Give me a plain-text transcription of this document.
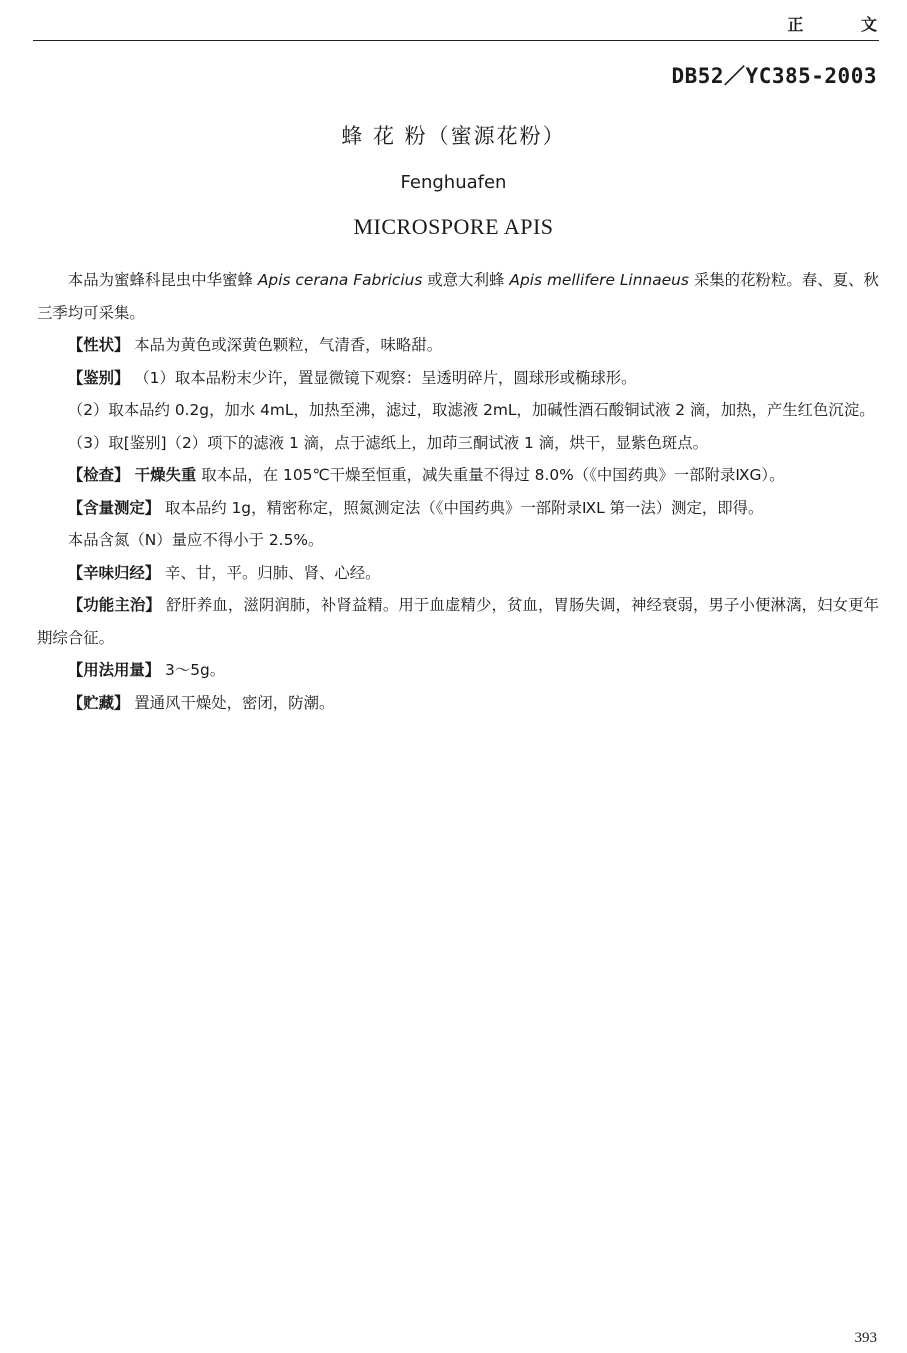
正 文
DB52／YC385-2003
蜂 花 粉（蜜源花粉）
Fenghuafen
MICROSPORE APIS

本品为蜜蜂科昆虫中华蜜蜂 Apis cerana Fabricius 或意大利蜂 Apis mellifere Linnaeus 采集的花粉粒。春、夏、秋三季均可采集。

【性状】 本品为黄色或深黄色颗粒，气清香，味略甜。

【鉴别】 （1）取本品粉末少许，置显微镜下观察：呈透明碎片，圆球形或椭球形。

（2）取本品约 0.2g，加水 4mL，加热至沸，滤过，取滤液 2mL，加碱性酒石酸铜试液 2 滴，加热，产生红色沉淀。

（3）取[鉴别]（2）项下的滤液 1 滴，点于滤纸上，加茚三酮试液 1 滴，烘干，显紫色斑点。

【检查】 干燥失重 取本品，在 105℃干燥至恒重，减失重量不得过 8.0%（《中国药典》一部附录ⅨG）。

【含量测定】 取本品约 1g，精密称定，照氮测定法（《中国药典》一部附录ⅨL 第一法）测定，即得。

本品含氮（N）量应不得小于 2.5%。

【辛味归经】 辛、甘，平。归肺、肾、心经。

【功能主治】 舒肝养血，滋阴润肺，补肾益精。用于血虚精少，贫血，胃肠失调，神经衰弱，男子小便淋漓，妇女更年期综合征。

【用法用量】 3～5g。

【贮藏】 置通风干燥处，密闭，防潮。

393
